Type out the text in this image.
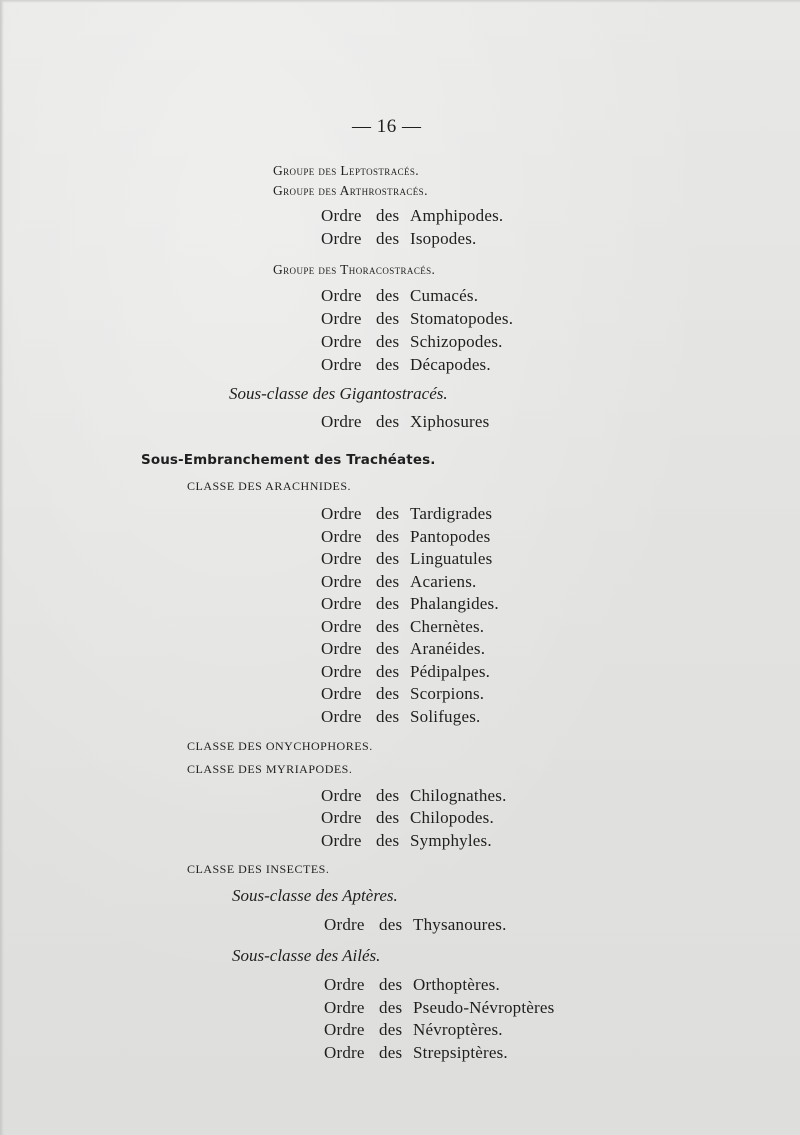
— 16 —
Groupe des Leptostracés.
Groupe des Arthrostracés.
Ordre des Amphipodes.
Ordre des Isopodes.
Groupe des Thoracostracés.
Ordre des Cumacés.
Ordre des Stomatopodes.
Ordre des Schizopodes.
Ordre des Décapodes.
Sous-classe des Gigantostracés.
Ordre des Xiphosures
Sous-Embranchement des Trachéates.
CLASSE DES ARACHNIDES.
Ordre des Tardigrades
Ordre des Pantopodes
Ordre des Linguatules
Ordre des Acariens.
Ordre des Phalangides.
Ordre des Chernètes.
Ordre des Aranéides.
Ordre des Pédipalpes.
Ordre des Scorpions.
Ordre des Solifuges.
CLASSE DES ONYCHOPHORES.
CLASSE DES MYRIAPODES.
Ordre des Chilognathes.
Ordre des Chilopodes.
Ordre des Symphyles.
CLASSE DES INSECTES.
Sous-classe des Aptères.
Ordre des Thysanoures.
Sous-classe des Ailés.
Ordre des Orthoptères.
Ordre des Pseudo-Névroptères
Ordre des Névroptères.
Ordre des Strepsiptères.
